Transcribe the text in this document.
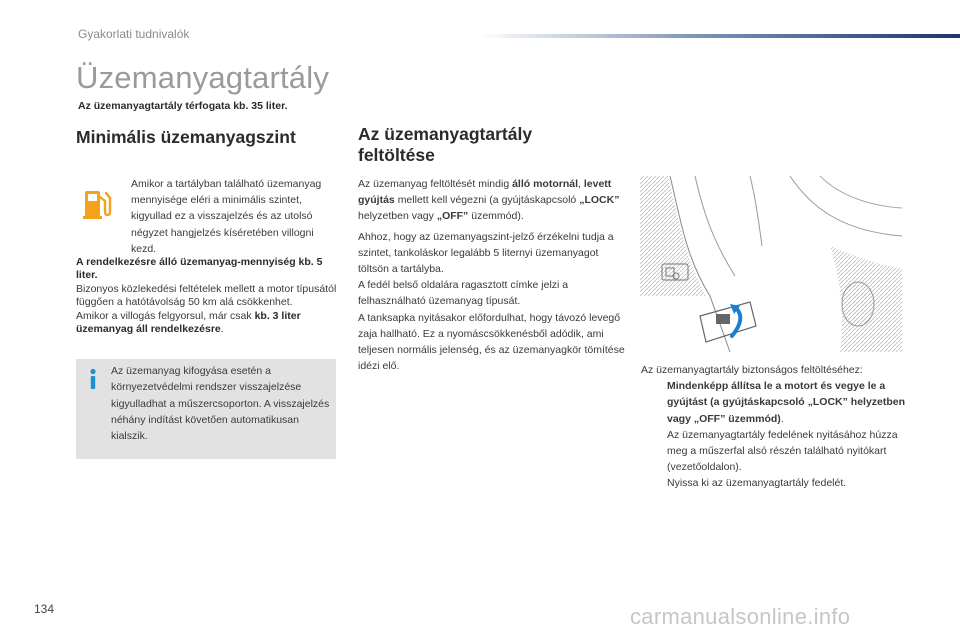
Gyakorlati tudnivalók
Üzemanyagtartály
Az üzemanyagtartály térfogata kb. 35 liter.
Minimális üzemanyagszint	Az üzemanyagtartály feltöltése
Amikor a tartályban található üzemanyag mennyisége eléri a minimális szintet, kigyullad ez a visszajelzés és az utolsó négyzet hangjelzés kíséretében villogni kezd.
A rendelkezésre álló üzemanyag-mennyiség kb. 5 liter.
Bizonyos közlekedési feltételek mellett a motor típusától függően a hatótávolság 50 km alá csökkenhet.
Amikor a villogás felgyorsul, már csak kb. 3 liter üzemanyag áll rendelkezésre.
Az üzemanyag kifogyása esetén a környezetvédelmi rendszer visszajelzése kigyulladhat a műszercsoporton. A visszajelzés néhány indítást követően automatikusan kialszik.

Az üzemanyag feltöltését mindig álló motornál, levett gyújtás mellett kell végezni (a gyújtáskapcsoló „LOCK” helyzetben vagy „OFF” üzemmód).

Ahhoz, hogy az üzemanyagszint-jelző érzékelni tudja a szintet, tankoláskor legalább 5 liternyi üzemanyagot töltsön a tartályba.

A fedél belső oldalára ragasztott címke jelzi a felhasználható üzemanyag típusát.

A tanksapka nyitásakor előfordulhat, hogy távozó levegő zaja hallható. Ez a nyomáscsökkenésből adódik, ami teljesen normális jelenség, és az üzemanyagkör tömítése idézi elő.	Az üzemanyagtartály biztonságos feltöltéséhez:
Mindenképp állítsa le a motort és vegye le a gyújtást (a gyújtáskapcsoló „LOCK” helyzetben vagy „OFF” üzemmód).
Az üzemanyagtartály fedelének nyitásához húzza meg a műszerfal alsó részén található nyitókart (vezetőoldalon).
Nyissa ki az üzemanyagtartály fedelét.
134	carmanualsonline.info
